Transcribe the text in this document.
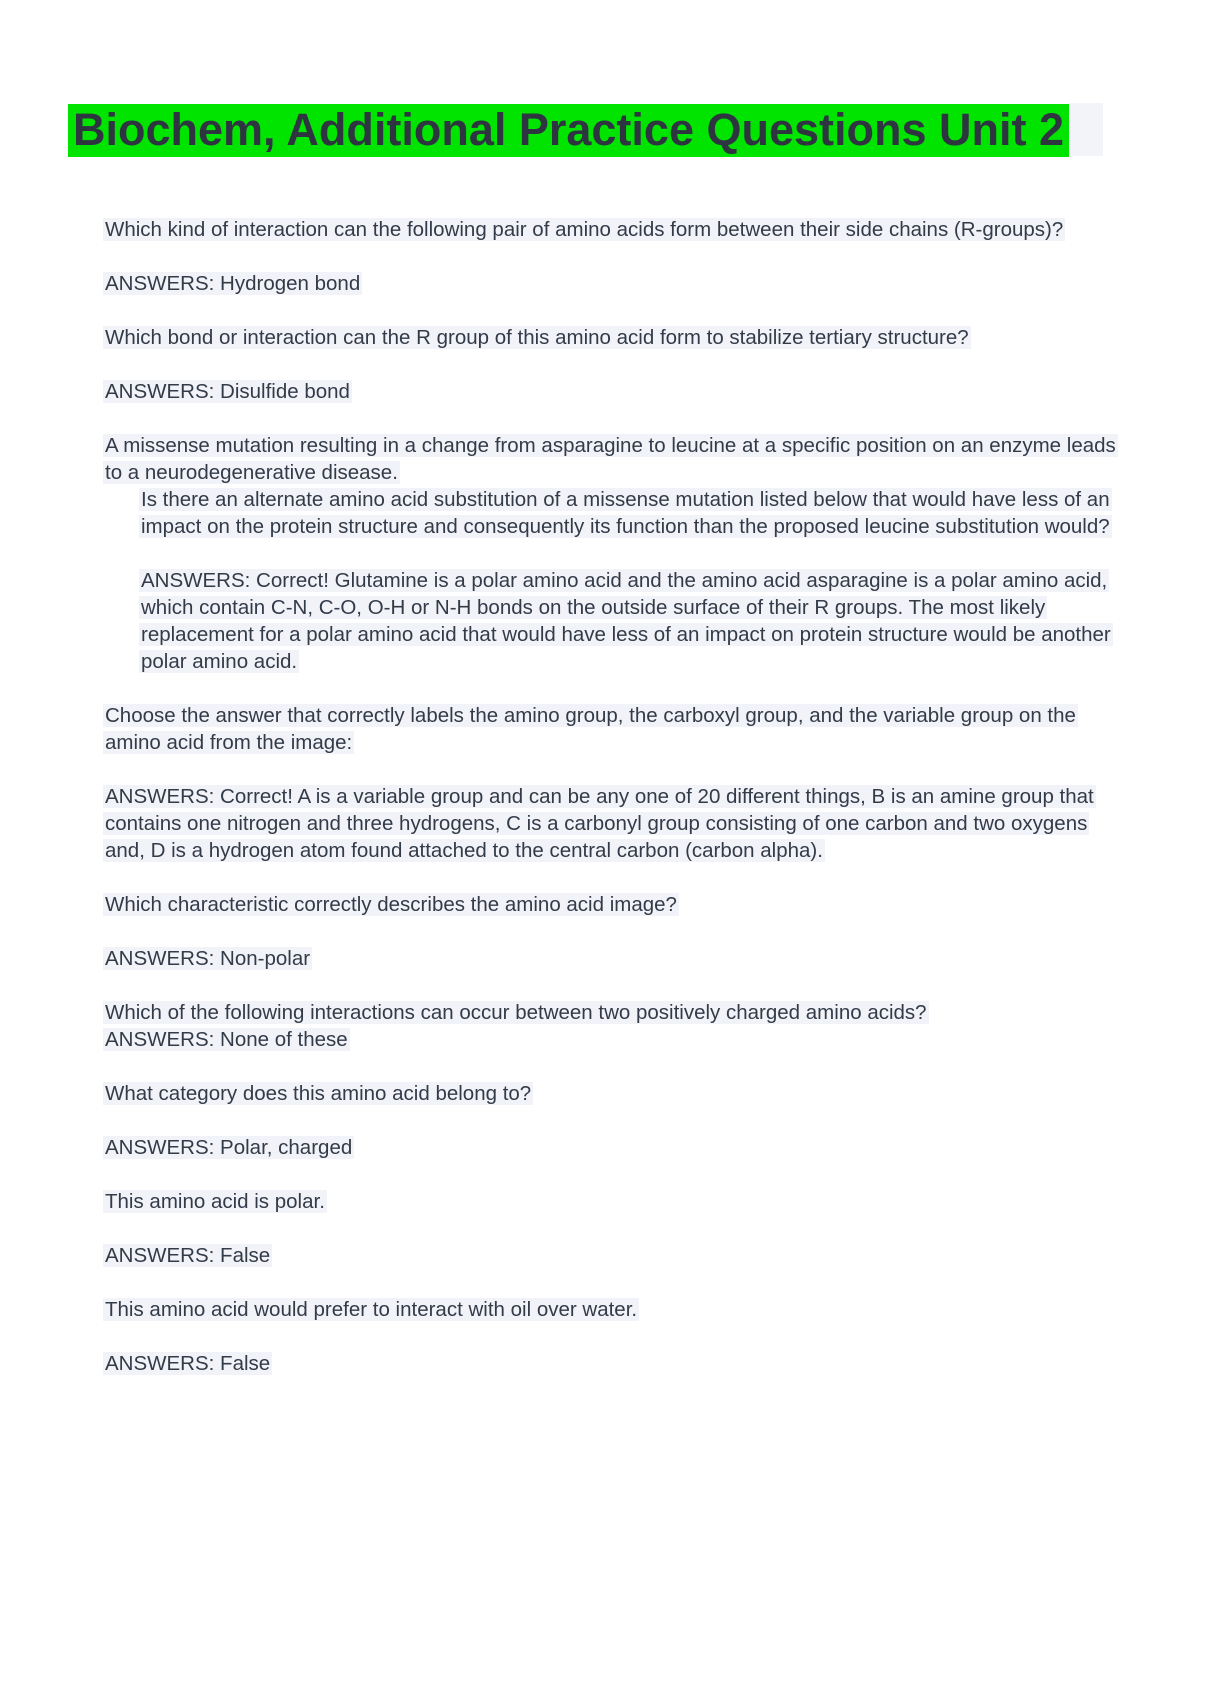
Biochem, Additional Practice Questions Unit 2
Which kind of interaction can the following pair of amino acids form between their side chains (R-groups)?
ANSWERS: Hydrogen bond
Which bond or interaction can the R group of this amino acid form to stabilize tertiary structure?
ANSWERS: Disulfide bond
A missense mutation resulting in a change from asparagine to leucine at a specific position on an enzyme leads to a neurodegenerative disease.
Is there an alternate amino acid substitution of a missense mutation listed below that would have less of an impact on the protein structure and consequently its function than the proposed leucine substitution would?
ANSWERS: Correct! Glutamine is a polar amino acid and the amino acid asparagine is a polar amino acid, which contain C-N, C-O, O-H or N-H bonds on the outside surface of their R groups. The most likely replacement for a polar amino acid that would have less of an impact on protein structure would be another polar amino acid.
Choose the answer that correctly labels the amino group, the carboxyl group, and the variable group on the amino acid from the image:
ANSWERS: Correct! A is a variable group and can be any one of 20 different things, B is an amine group that contains one nitrogen and three hydrogens, C is a carbonyl group consisting of one carbon and two oxygens and, D is a hydrogen atom found attached to the central carbon (carbon alpha).
Which characteristic correctly describes the amino acid image?
ANSWERS: Non-polar
Which of the following interactions can occur between two positively charged amino acids?
ANSWERS: None of these
What category does this amino acid belong to?
ANSWERS: Polar, charged
This amino acid is polar.
ANSWERS: False
This amino acid would prefer to interact with oil over water.
ANSWERS: False
